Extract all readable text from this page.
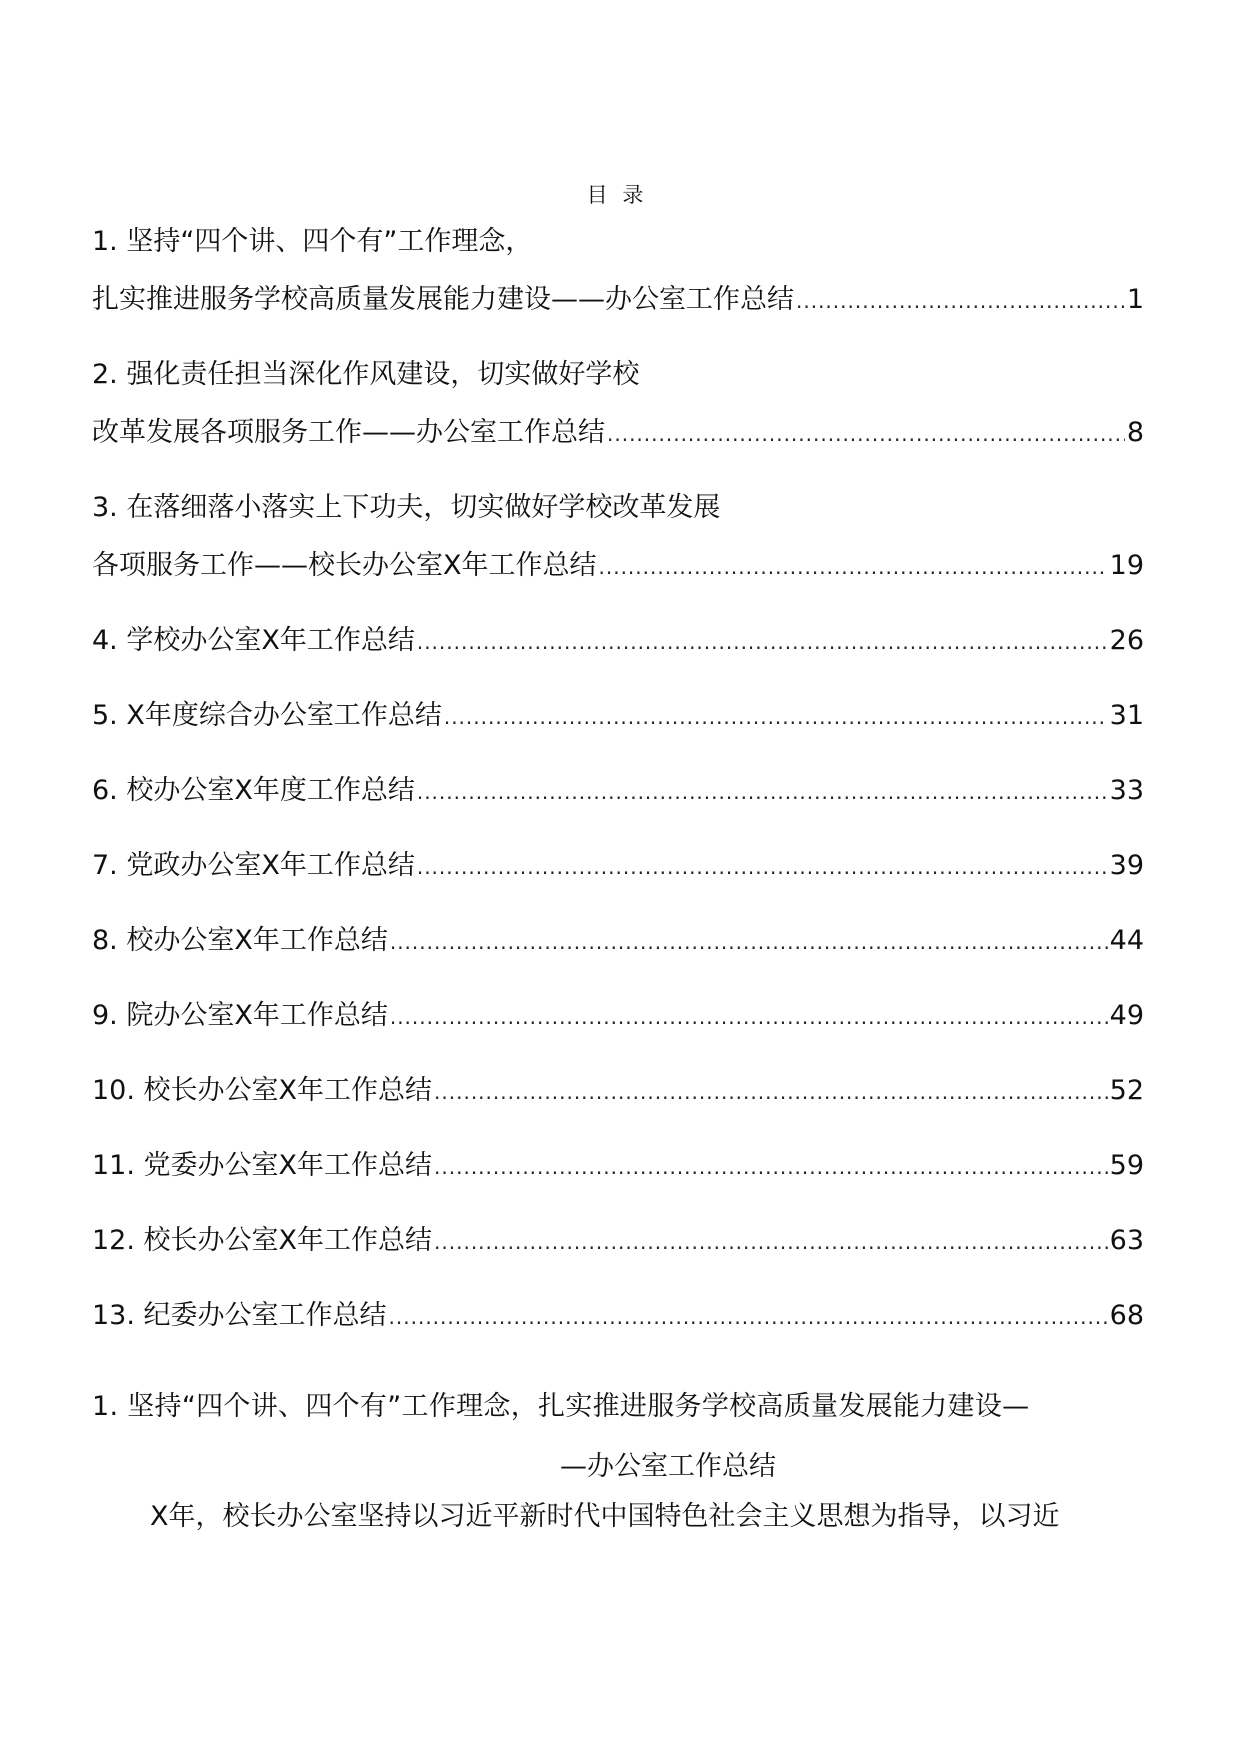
目 录
1. 坚持“四个讲、四个有”工作理念，
扎实推进服务学校高质量发展能力建设——办公室工作总结 .....	1
2. 强化责任担当深化作风建设，切实做好学校
改革发展各项服务工作——办公室工作总结 .....	8
3. 在落细落小落实上下功夫，切实做好学校改革发展
各项服务工作——校长办公室X年工作总结 .....	19
4. 学校办公室X年工作总结 .....	26
5. X年度综合办公室工作总结 .....	31
6. 校办公室X年度工作总结 .....	33
7. 党政办公室X年工作总结 .....	39
8. 校办公室X年工作总结 .....	44
9. 院办公室X年工作总结 .....	49
10. 校长办公室X年工作总结 .....	52
11. 党委办公室X年工作总结 .....	59
12. 校长办公室X年工作总结 .....	63
13. 纪委办公室工作总结 .....	68
1. 坚持“四个讲、四个有”工作理念，扎实推进服务学校高质量发展能力建设—
—办公室工作总结
X年，校长办公室坚持以习近平新时代中国特色社会主义思想为指导，以习近
